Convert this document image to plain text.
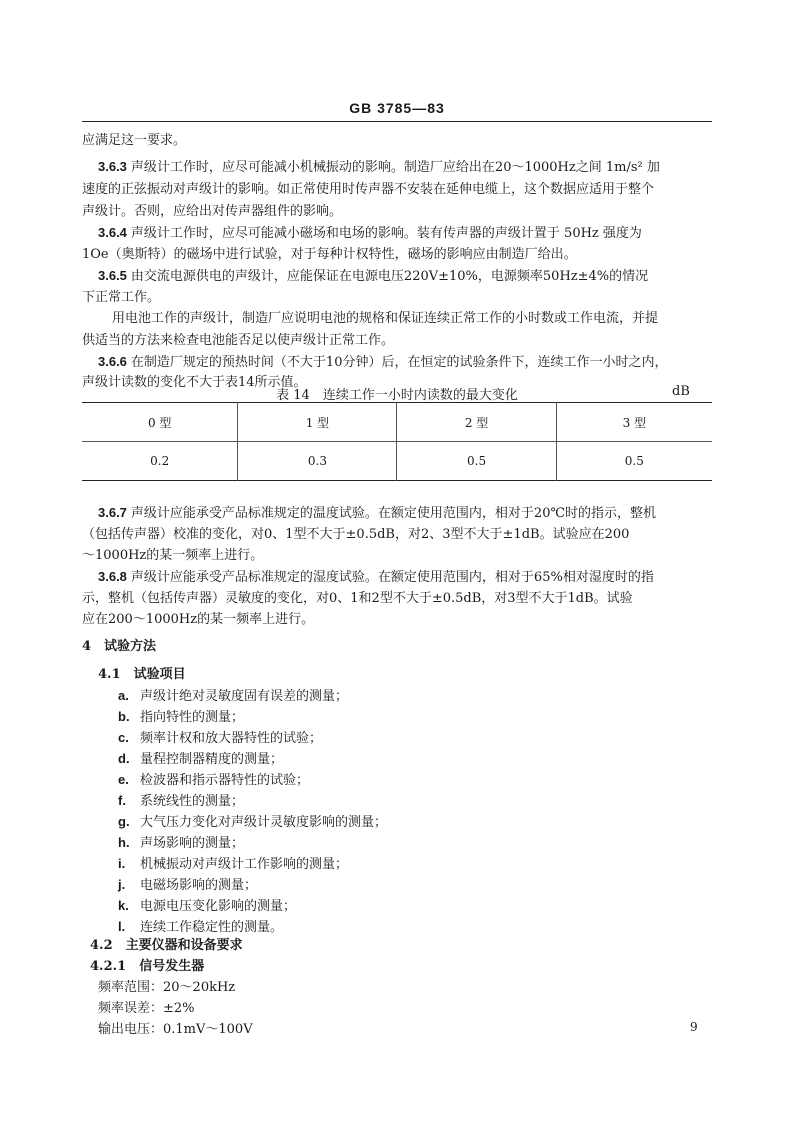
GB 3785—83
应满足这一要求。
3.6.3 声级计工作时，应尽可能减小机械振动的影响。制造厂应给出在20～1000Hz之间 1m/s² 加
速度的正弦振动对声级计的影响。如正常使用时传声器不安装在延伸电缆上，这个数据应适用于整个
声级计。否则，应给出对传声器组件的影响。
3.6.4 声级计工作时，应尽可能减小磁场和电场的影响。装有传声器的声级计置于 50Hz 强度为
1Oe（奥斯特）的磁场中进行试验，对于每种计权特性，磁场的影响应由制造厂给出。
3.6.5 由交流电源供电的声级计，应能保证在电源电压220V±10%，电源频率50Hz±4%的情况
下正常工作。
用电池工作的声级计，制造厂应说明电池的规格和保证连续正常工作的小时数或工作电流，并提
供适当的方法来检查电池能否足以使声级计正常工作。
3.6.6 在制造厂规定的预热时间（不大于10分钟）后，在恒定的试验条件下，连续工作一小时之内，
声级计读数的变化不大于表14所示值。
表 14　连续工作一小时内读数的最大变化	dB
0 型	1 型	2 型	3 型
0.2	0.3	0.5	0.5
3.6.7 声级计应能承受产品标准规定的温度试验。在额定使用范围内，相对于20℃时的指示，整机
（包括传声器）校准的变化，对0、1型不大于±0.5dB，对2、3型不大于±1dB。试验应在200
～1000Hz的某一频率上进行。
3.6.8 声级计应能承受产品标准规定的湿度试验。在额定使用范围内，相对于65%相对湿度时的指
示，整机（包括传声器）灵敏度的变化，对0、1和2型不大于±0.5dB，对3型不大于1dB。试验
应在200～1000Hz的某一频率上进行。
4　试验方法
4.1　试验项目
a. 声级计绝对灵敏度固有误差的测量；
b. 指向特性的测量；
c. 频率计权和放大器特性的试验；
d. 量程控制器精度的测量；
e. 检波器和指示器特性的试验；
f. 系统线性的测量；
g. 大气压力变化对声级计灵敏度影响的测量；
h. 声场影响的测量；
i. 机械振动对声级计工作影响的测量；
j. 电磁场影响的测量；
k. 电源电压变化影响的测量；
l. 连续工作稳定性的测量。
4.2　主要仪器和设备要求
4.2.1　信号发生器
频率范围：20～20kHz
频率误差：±2%
输出电压：0.1mV～100V	9
